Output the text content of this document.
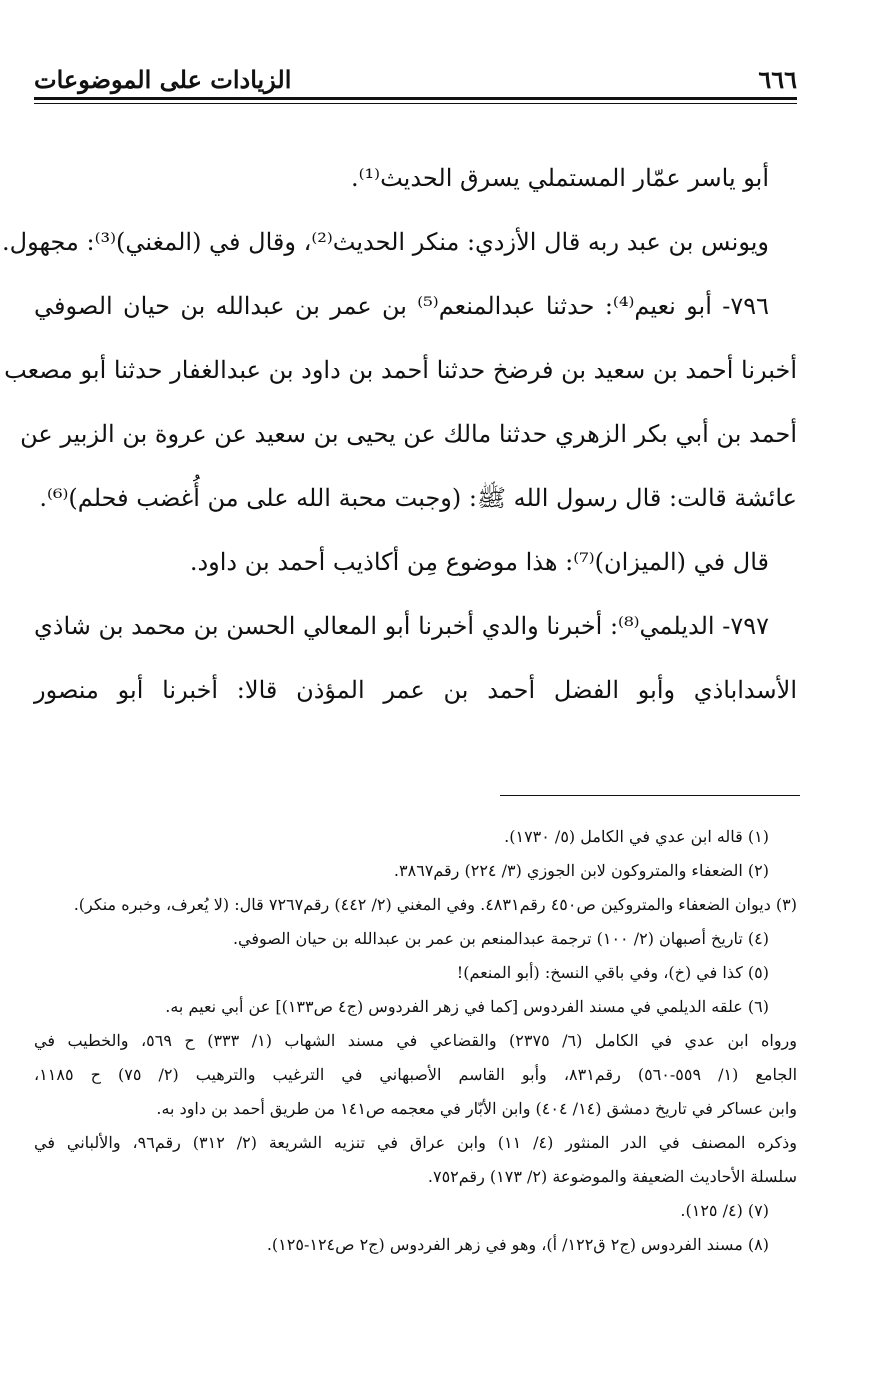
٦٦٦
الزيادات على الموضوعات
أبو ياسر عمّار المستملي يسرق الحديث⁽¹⁾.
ويونس بن عبد ربه قال الأزدي: منكر الحديث⁽²⁾، وقال في (المغني)⁽³⁾: مجهول.
٧٩٦- أبو نعيم⁽⁴⁾: حدثنا عبدالمنعم⁽⁵⁾ بن عمر بن عبدالله بن حيان الصوفي
أخبرنا أحمد بن سعيد بن فرضخ حدثنا أحمد بن داود بن عبدالغفار حدثنا أبو مصعب
أحمد بن أبي بكر الزهري حدثنا مالك عن يحيى بن سعيد عن عروة بن الزبير عن
عائشة قالت: قال رسول الله ﷺ: (وجبت محبة الله على من أُغضب فحلم)⁽⁶⁾.
قال في (الميزان)⁽⁷⁾: هذا موضوع مِن أكاذيب أحمد بن داود.
٧٩٧- الديلمي⁽⁸⁾: أخبرنا والدي أخبرنا أبو المعالي الحسن بن محمد بن شاذي
الأسداباذي وأبو الفضل أحمد بن عمر المؤذن قالا: أخبرنا أبو منصور
(١) قاله ابن عدي في الكامل (٥/ ١٧٣٠).
(٢) الضعفاء والمتروكون لابن الجوزي (٣/ ٢٢٤) رقم٣٨٦٧.
(٣) ديوان الضعفاء والمتروكين ص٤٥٠ رقم٤٨٣١. وفي المغني (٢/ ٤٤٢) رقم٧٢٦٧ قال: (لا يُعرف، وخبره منكر).
(٤) تاريخ أصبهان (٢/ ١٠٠) ترجمة عبدالمنعم بن عمر بن عبدالله بن حيان الصوفي.
(٥) كذا في (خ)، وفي باقي النسخ: (أبو المنعم)!
(٦) علقه الديلمي في مسند الفردوس [كما في زهر الفردوس (ج٤ ص١٣٣)] عن أبي نعيم به.
ورواه ابن عدي في الكامل (٦/ ٢٣٧٥) والقضاعي في مسند الشهاب (١/ ٣٣٣) ح ٥٦٩، والخطيب في
الجامع (١/ ٥٥٩-٥٦٠) رقم٨٣١، وأبو القاسم الأصبهاني في الترغيب والترهيب (٢/ ٧٥) ح ١١٨٥،
وابن عساكر في تاريخ دمشق (١٤/ ٤٠٤) وابن الأبّار في معجمه ص١٤١ من طريق أحمد بن داود به.
وذكره المصنف في الدر المنثور (٤/ ١١) وابن عراق في تنزيه الشريعة (٢/ ٣١٢) رقم٩٦، والألباني في
سلسلة الأحاديث الضعيفة والموضوعة (٢/ ١٧٣) رقم٧٥٢.
(٧) (٤/ ١٢٥).
(٨) مسند الفردوس (ج٢ ق١٢٢/ أ)، وهو في زهر الفردوس (ج٢ ص١٢٤-١٢٥).
